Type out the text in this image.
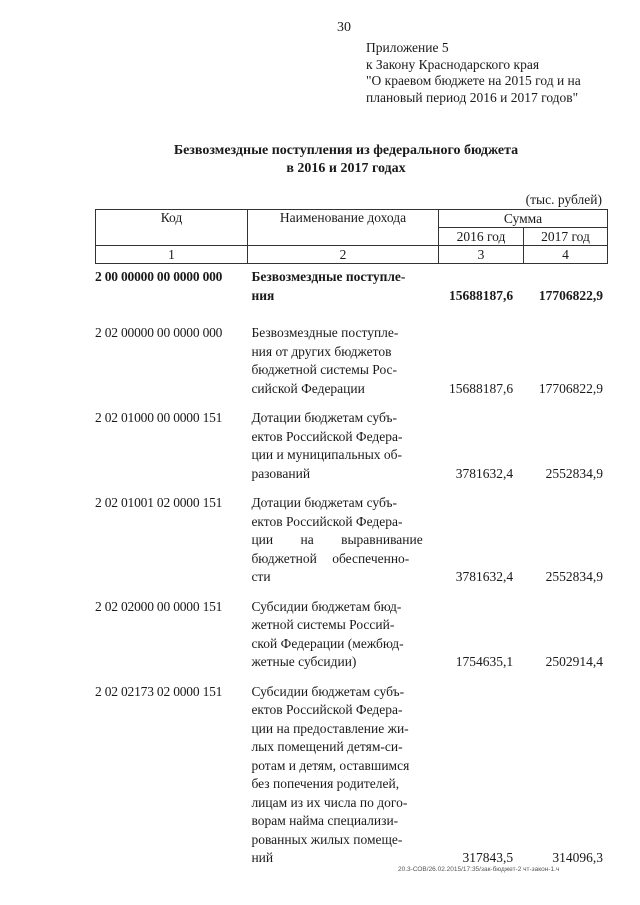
30
Приложение 5
к Закону Краснодарского края
"О краевом бюджете на 2015 год и на
плановый период 2016 и 2017 годов"
Безвозмездные поступления из федерального бюджета
в 2016 и 2017 годах
(тыс. рублей)
Код	Наименование дохода	Сумма	
		2016 год	2017 год
1	2	3	4
2 00 00000 00 0000 000	Безвозмездные поступле-
ния	15688187,6	17706822,9
2 02 00000 00 0000 000	Безвозмездные поступле-
ния от других бюджетов
бюджетной системы Рос-
сийской Федерации	15688187,6	17706822,9
2 02 01000 00 0000 151	Дотации бюджетам субъ-
ектов Российской Федера-
ции и муниципальных об-
разований	3781632,4	2552834,9
2 02 01001 02 0000 151	Дотации бюджетам субъ-
ектов Российской Федера-
ции на выравнивание
бюджетной обеспеченно-
сти	3781632,4	2552834,9
2 02 02000 00 0000 151	Субсидии бюджетам бюд-
жетной системы Россий-
ской Федерации (межбюд-
жетные субсидии)	1754635,1	2502914,4
2 02 02173 02 0000 151	Субсидии бюджетам субъ-
ектов Российской Федера-
ции на предоставление жи-
лых помещений детям-си-
ротам и детям, оставшимся
без попечения родителей,
лицам из их числа по дого-
ворам найма специализи-
рованных жилых помеще-
ний	317843,5	314096,3
20.3-СОВ/26.02.2015/17:35/зак-бюджет-2 чт-закон-1.ч
